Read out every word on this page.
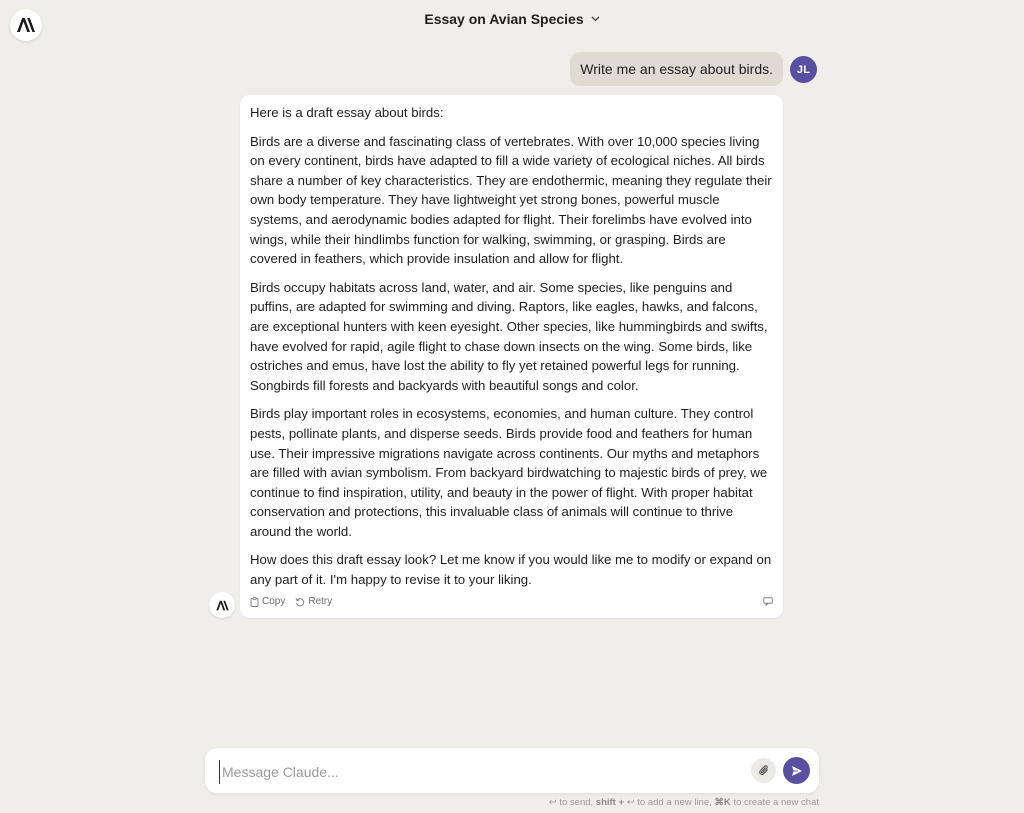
Essay on Avian Species
Write me an essay about birds. JL

Here is a draft essay about birds:

Birds are a diverse and fascinating class of vertebrates. With over 10,000 species living on every continent, birds have adapted to fill a wide variety of ecological niches. All birds share a number of key characteristics. They are endothermic, meaning they regulate their own body temperature. They have lightweight yet strong bones, powerful muscle systems, and aerodynamic bodies adapted for flight. Their forelimbs have evolved into wings, while their hindlimbs function for walking, swimming, or grasping. Birds are covered in feathers, which provide insulation and allow for flight.

Birds occupy habitats across land, water, and air. Some species, like penguins and puffins, are adapted for swimming and diving. Raptors, like eagles, hawks, and falcons, are exceptional hunters with keen eyesight. Other species, like hummingbirds and swifts, have evolved for rapid, agile flight to chase down insects on the wing. Some birds, like ostriches and emus, have lost the ability to fly yet retained powerful legs for running. Songbirds fill forests and backyards with beautiful songs and color.

Birds play important roles in ecosystems, economies, and human culture. They control pests, pollinate plants, and disperse seeds. Birds provide food and feathers for human use. Their impressive migrations navigate across continents. Our myths and metaphors are filled with avian symbolism. From backyard birdwatching to majestic birds of prey, we continue to find inspiration, utility, and beauty in the power of flight. With proper habitat conservation and protections, this invaluable class of animals will continue to thrive around the world.

How does this draft essay look? Let me know if you would like me to modify or expand on any part of it. I'm happy to revise it to your liking.

Copy Retry
Message Claude...
↩ to send, shift + ↩ to add a new line, ⌘K to create a new chat
